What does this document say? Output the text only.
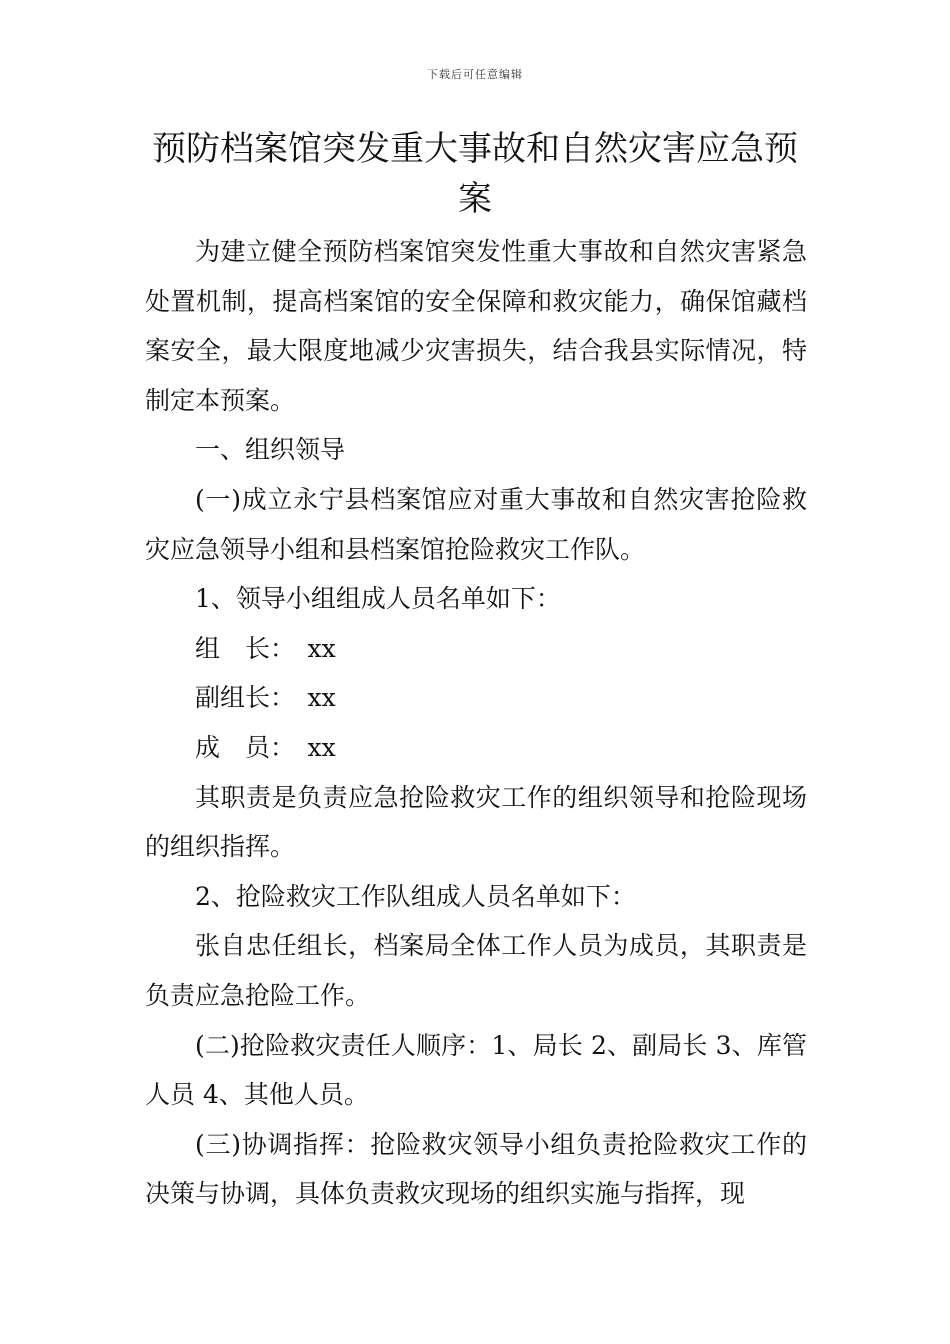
下载后可任意编辑
预防档案馆突发重大事故和自然灾害应急预案

为建立健全预防档案馆突发性重大事故和自然灾害紧急处置机制，提高档案馆的安全保障和救灾能力，确保馆藏档案安全，最大限度地减少灾害损失，结合我县实际情况，特制定本预案。

一、组织领导

(一)成立永宁县档案馆应对重大事故和自然灾害抢险救灾应急领导小组和县档案馆抢险救灾工作队。

1、领导小组组成人员名单如下：

组　长：　xx

副组长：　xx

成　员：　xx

其职责是负责应急抢险救灾工作的组织领导和抢险现场的组织指挥。

2、抢险救灾工作队组成人员名单如下：

张自忠任组长，档案局全体工作人员为成员，其职责是负责应急抢险工作。

(二)抢险救灾责任人顺序：1、局长 2、副局长 3、库管人员 4、其他人员。

(三)协调指挥：抢险救灾领导小组负责抢险救灾工作的决策与协调，具体负责救灾现场的组织实施与指挥，现
